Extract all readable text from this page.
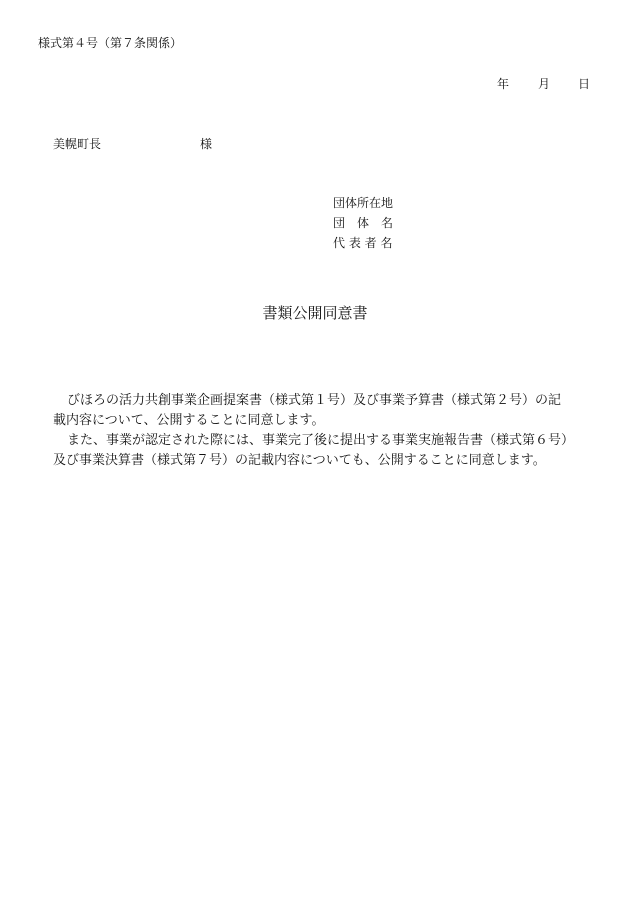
様式第４号（第７条関係）
年 月 日
美幌町長	様
団体所在地
団　体　名
代 表 者 名
書類公開同意書
びほろの活力共創事業企画提案書（様式第１号）及び事業予算書（様式第２号）の記
載内容について、公開することに同意します。
また、事業が認定された際には、事業完了後に提出する事業実施報告書（様式第６号）
及び事業決算書（様式第７号）の記載内容についても、公開することに同意します。
